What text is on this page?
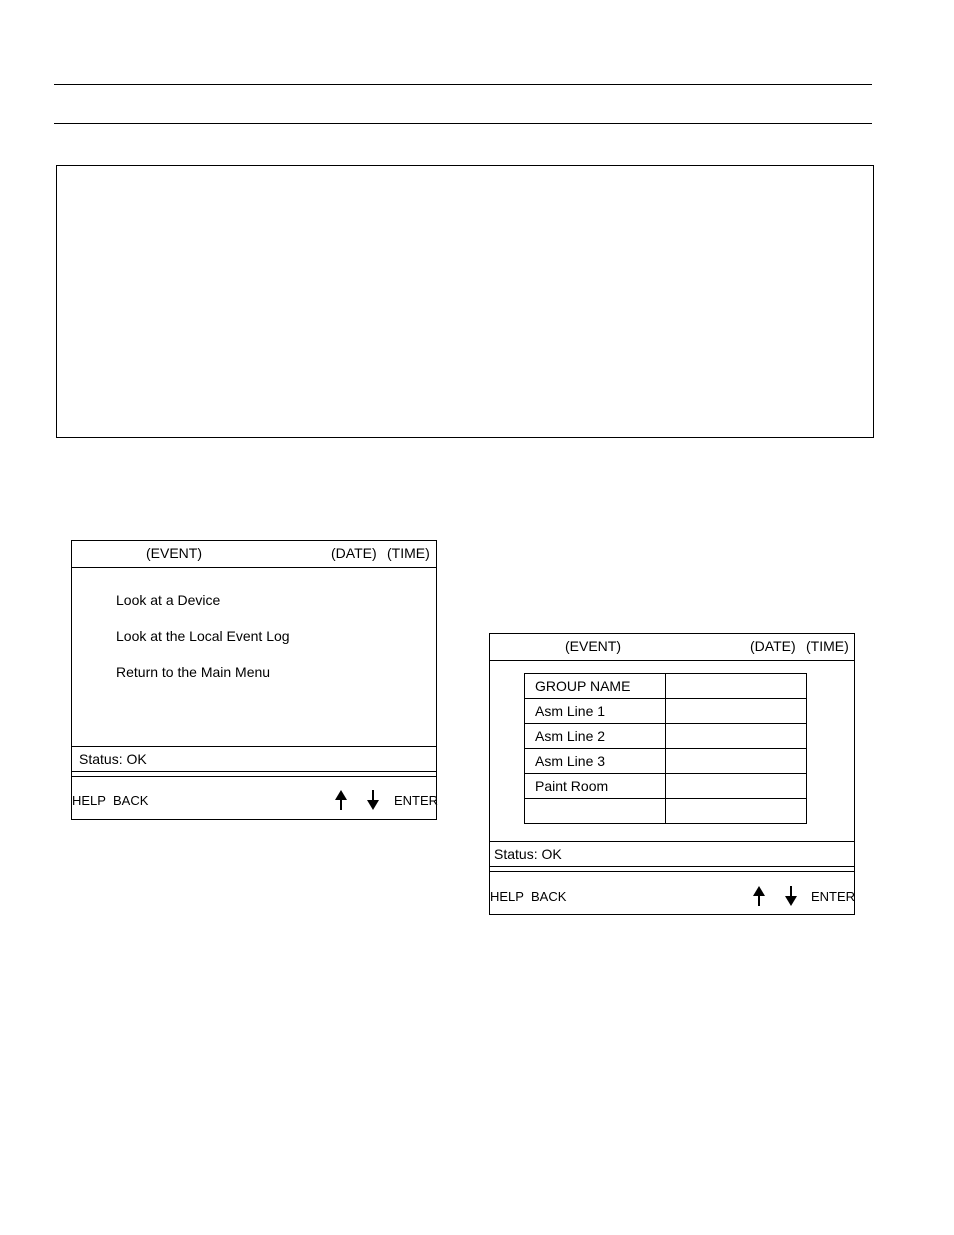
(EVENT)	(DATE) (TIME)
Look at a Device
Look at the Local Event Log
Return to the Main Menu
Status: OK
HELP BACK	ENTER
(EVENT)	(DATE) (TIME)
GROUP NAME	
Asm Line 1	
Asm Line 2	
Asm Line 3	
Paint Room	

Status: OK
HELP BACK	ENTER
